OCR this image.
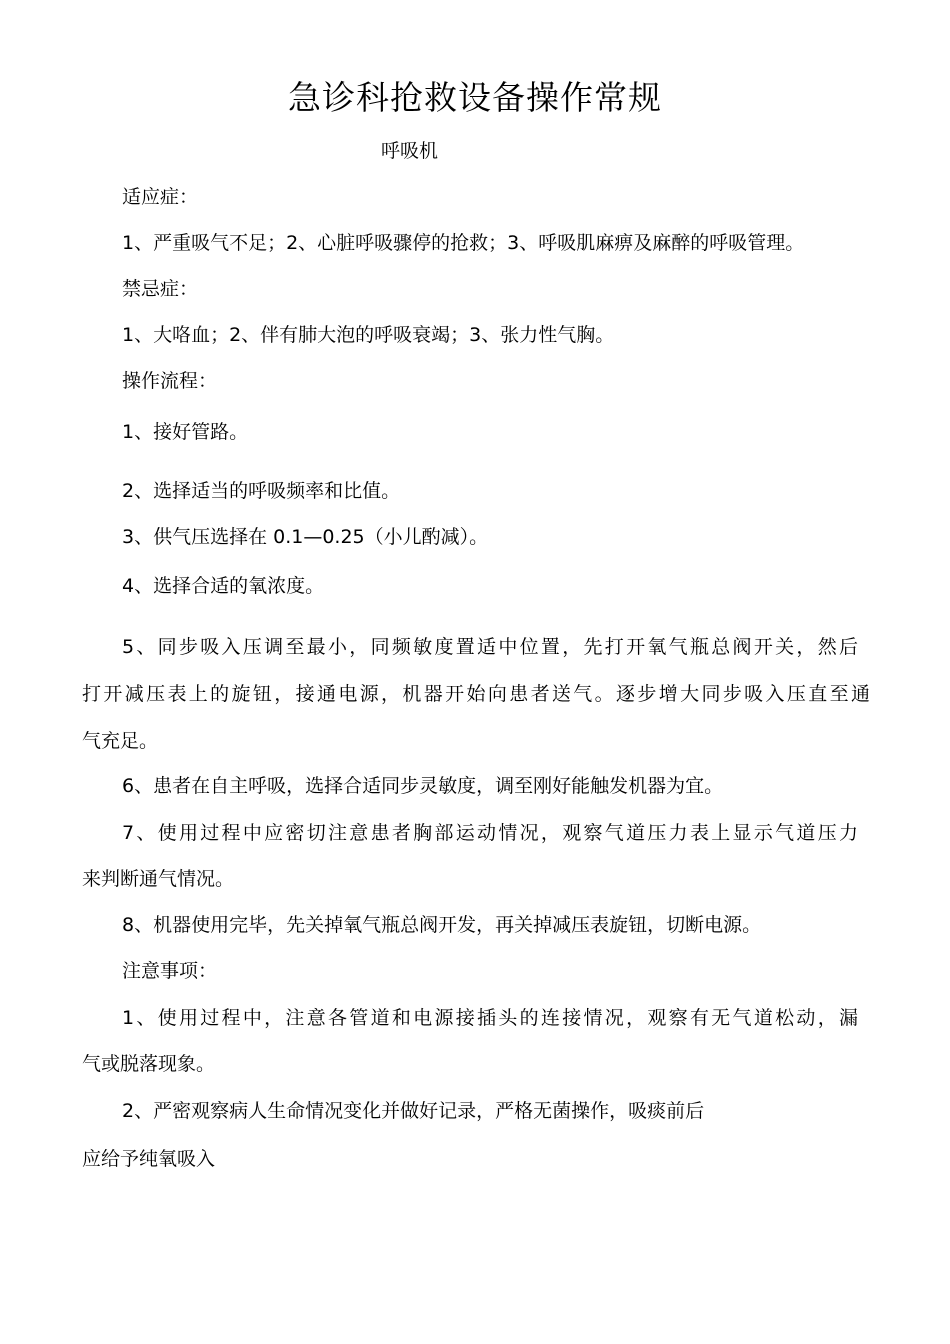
急诊科抢救设备操作常规
呼吸机
适应症：
1、严重吸气不足；2、心脏呼吸骤停的抢救；3、呼吸肌麻痹及麻醉的呼吸管理。
禁忌症：
1、大咯血；2、伴有肺大泡的呼吸衰竭；3、张力性气胸。
操作流程：
1、接好管路。
2、选择适当的呼吸频率和比值。
3、供气压选择在 0.1—0.25（小儿酌减）。
4、选择合适的氧浓度。
5、同步吸入压调至最小，同频敏度置适中位置，先打开氧气瓶总阀开关，然后
打开减压表上的旋钮，接通电源，机器开始向患者送气。逐步增大同步吸入压直至通
气充足。
6、患者在自主呼吸，选择合适同步灵敏度，调至刚好能触发机器为宜。
7、使用过程中应密切注意患者胸部运动情况，观察气道压力表上显示气道压力
来判断通气情况。
8、机器使用完毕，先关掉氧气瓶总阀开发，再关掉减压表旋钮，切断电源。
注意事项：
1、使用过程中，注意各管道和电源接插头的连接情况，观察有无气道松动，漏
气或脱落现象。
2、严密观察病人生命情况变化并做好记录，严格无菌操作，吸痰前后
应给予纯氧吸入
